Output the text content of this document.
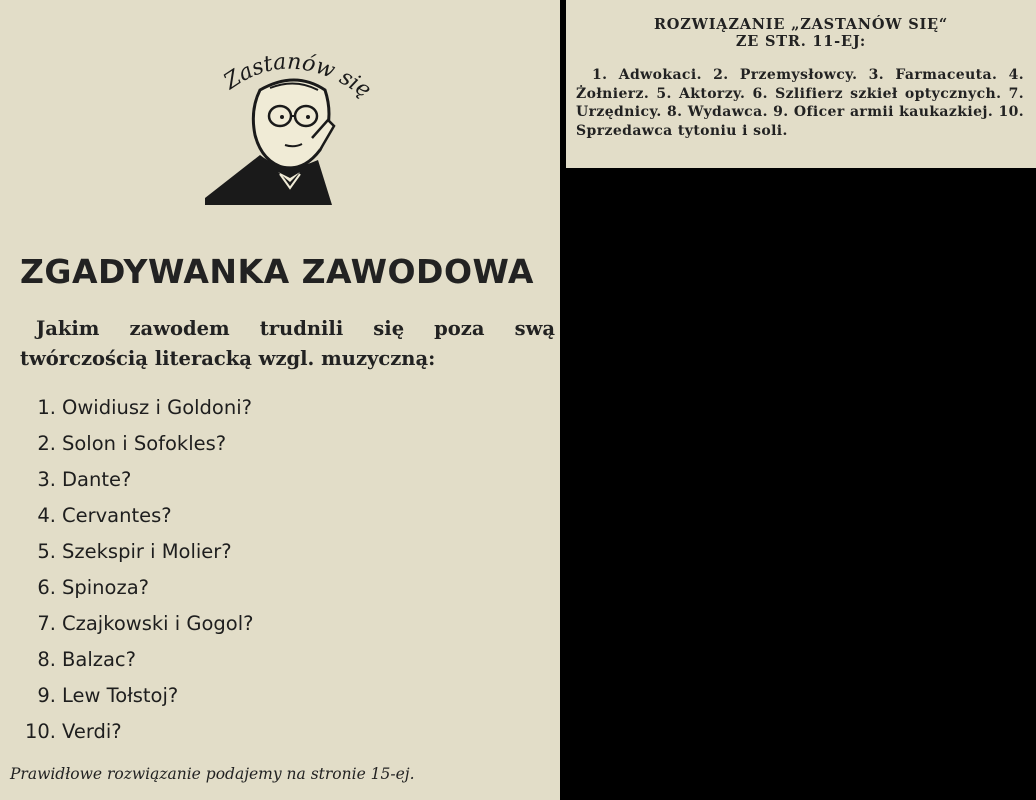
Zastanów się
ZGADYWANKA ZAWODOWA

Jakim zawodem trudnili się poza swą twórczością literacką wzgl. muzyczną:

1. Owidiusz i Goldoni?
2. Solon i Sofokles?
3. Dante?
4. Cervantes?
5. Szekspir i Molier?
6. Spinoza?
7. Czajkowski i Gogol?
8. Balzac?
9. Lew Tołstoj?
10. Verdi?

Prawidłowe rozwiązanie podajemy na stronie 15-ej.

ROZWIĄZANIE „ZASTANÓW SIĘ“
ZE STR. 11-EJ:

1. Adwokaci. 2. Przemysłowcy. 3. Farmaceuta. 4. Żołnierz. 5. Aktorzy. 6. Szlifierz szkieł optycznych. 7. Urzędnicy. 8. Wydawca. 9. Oficer armii kaukazkiej. 10. Sprzedawca tytoniu i soli.
